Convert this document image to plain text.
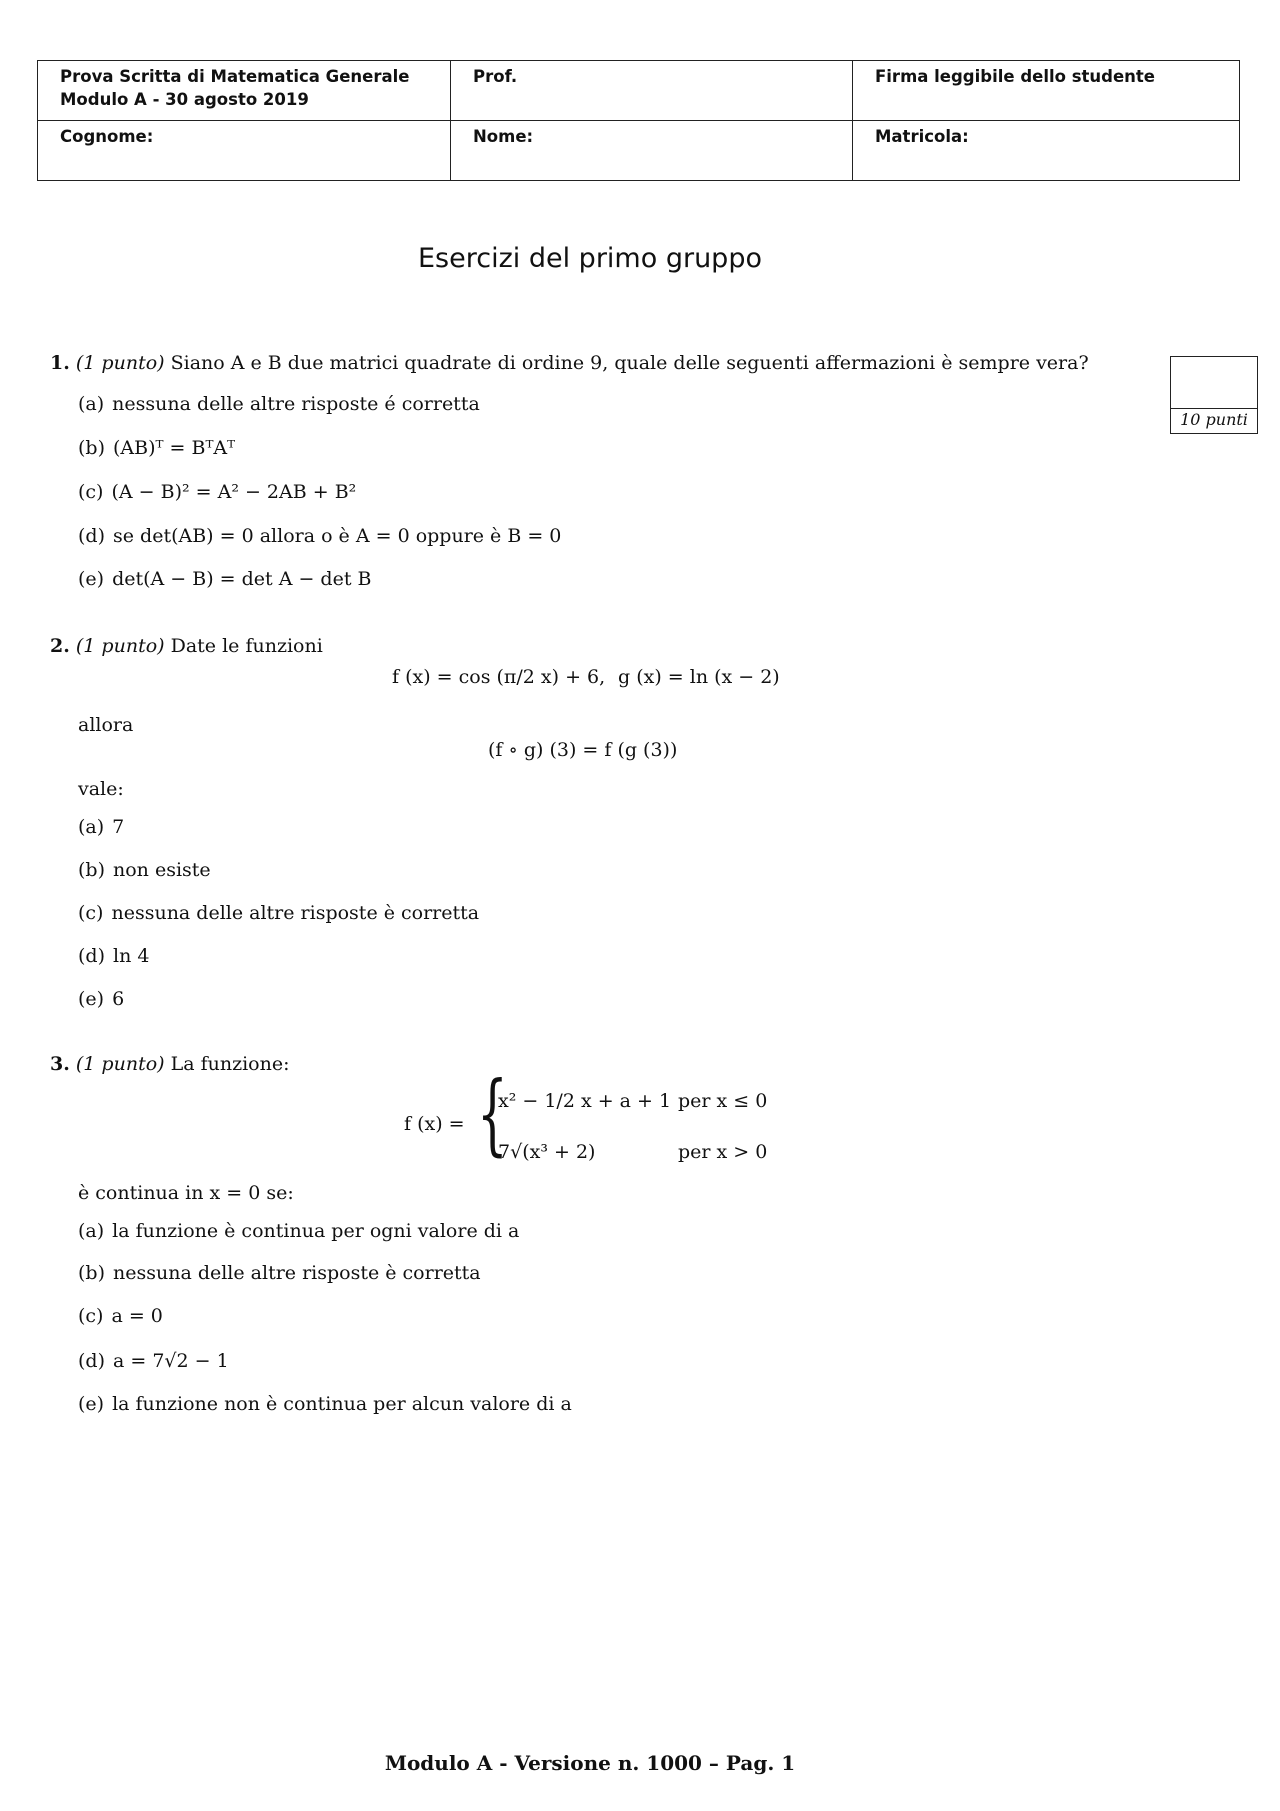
Prova Scritta di Matematica Generale
Modulo A - 30 agosto 2019	Prof.	Firma leggibile dello studente

Cognome:	Nome:	Matricola:
Esercizi del primo gruppo
10 punti
1. (1 punto) Siano A e B due matrici quadrate di ordine 9, quale delle seguenti affermazioni è sempre vera?
(a) nessuna delle altre risposte é corretta
(b) (AB)ᵀ = BᵀAᵀ
(c) (A − B)² = A² − 2AB + B²
(d) se det(AB) = 0 allora o è A = 0 oppure è B = 0
(e) det(A − B) = det A − det B
2. (1 punto) Date le funzioni
f (x) = cos (π/2 x) + 6, g (x) = ln (x − 2)
allora
(f ∘ g) (3) = f (g (3))
vale:
(a) 7
(b) non esiste
(c) nessuna delle altre risposte è corretta
(d) ln 4
(e) 6
3. (1 punto) La funzione:
f (x) = {
x² − 1/2 x + a + 1 per x ≤ 0
7√(x³ + 2)	per x > 0
è continua in x = 0 se:
(a) la funzione è continua per ogni valore di a
(b) nessuna delle altre risposte è corretta
(c) a = 0
(d) a = 7√2 − 1
(e) la funzione non è continua per alcun valore di a
Modulo A - Versione n. 1000 – Pag. 1
